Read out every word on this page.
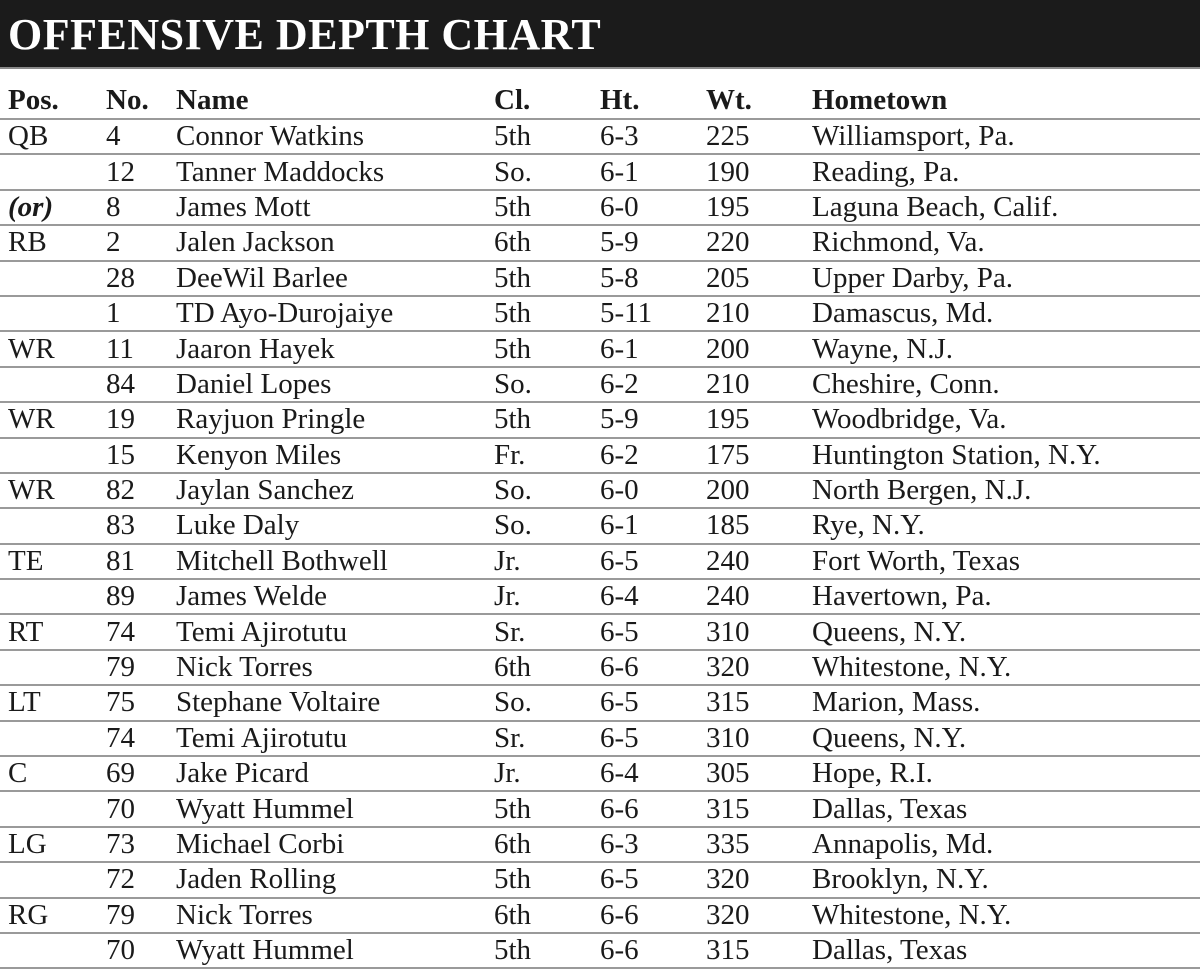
OFFENSIVE DEPTH CHART
Pos.	No.	Name	Cl.	Ht.	Wt.	Hometown
QB	4	Connor Watkins	5th	6-3	225	Williamsport, Pa.
	12	Tanner Maddocks	So.	6-1	190	Reading, Pa.
(or)	8	James Mott	5th	6-0	195	Laguna Beach, Calif.
RB	2	Jalen Jackson	6th	5-9	220	Richmond, Va.
	28	DeeWil Barlee	5th	5-8	205	Upper Darby, Pa.
	1	TD Ayo-Durojaiye	5th	5-11	210	Damascus, Md.
WR	11	Jaaron Hayek	5th	6-1	200	Wayne, N.J.
	84	Daniel Lopes	So.	6-2	210	Cheshire, Conn.
WR	19	Rayjuon Pringle	5th	5-9	195	Woodbridge, Va.
	15	Kenyon Miles	Fr.	6-2	175	Huntington Station, N.Y.
WR	82	Jaylan Sanchez	So.	6-0	200	North Bergen, N.J.
	83	Luke Daly	So.	6-1	185	Rye, N.Y.
TE	81	Mitchell Bothwell	Jr.	6-5	240	Fort Worth, Texas
	89	James Welde	Jr.	6-4	240	Havertown, Pa.
RT	74	Temi Ajirotutu	Sr.	6-5	310	Queens, N.Y.
	79	Nick Torres	6th	6-6	320	Whitestone, N.Y.
LT	75	Stephane Voltaire	So.	6-5	315	Marion, Mass.
	74	Temi Ajirotutu	Sr.	6-5	310	Queens, N.Y.
C	69	Jake Picard	Jr.	6-4	305	Hope, R.I.
	70	Wyatt Hummel	5th	6-6	315	Dallas, Texas
LG	73	Michael Corbi	6th	6-3	335	Annapolis, Md.
	72	Jaden Rolling	5th	6-5	320	Brooklyn, N.Y.
RG	79	Nick Torres	6th	6-6	320	Whitestone, N.Y.
	70	Wyatt Hummel	5th	6-6	315	Dallas, Texas
